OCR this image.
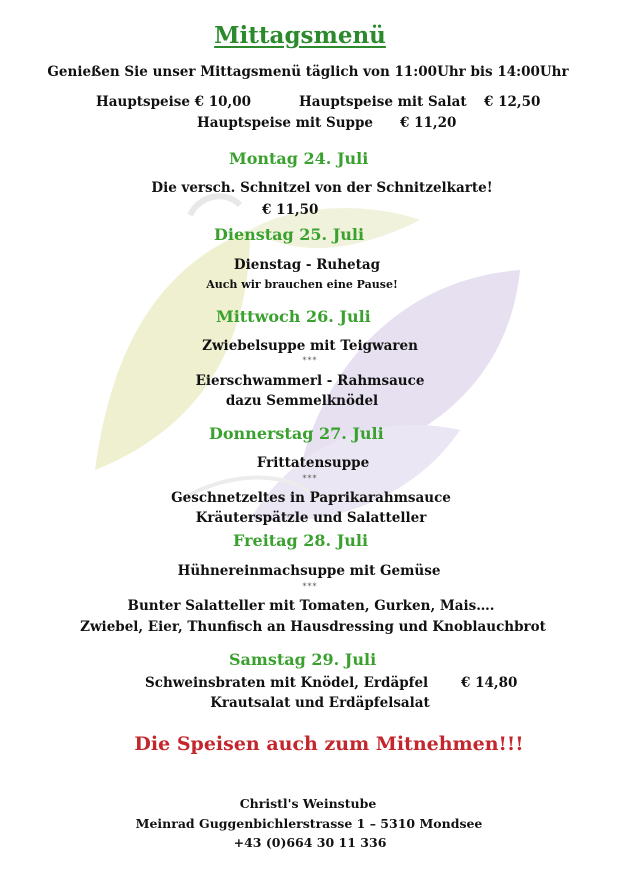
Mittagsmenü
Genießen Sie unser Mittagsmenü täglich von 11:00Uhr bis 14:00Uhr
Hauptspeise € 10,00	Hauptspeise mit Salat € 12,50
Hauptspeise mit Suppe € 11,20
Montag 24. Juli
Die versch. Schnitzel von der Schnitzelkarte!
€ 11,50
Dienstag 25. Juli
Dienstag - Ruhetag
Auch wir brauchen eine Pause!
Mittwoch 26. Juli
Zwiebelsuppe mit Teigwaren
***
Eierschwammerl - Rahmsauce
dazu Semmelknödel
Donnerstag 27. Juli
Frittatensuppe
***
Geschnetzeltes in Paprikarahmsauce
Kräuterspätzle und Salatteller
Freitag 28. Juli
Hühnereinmachsuppe mit Gemüse
***
Bunter Salatteller mit Tomaten, Gurken, Mais….
Zwiebel, Eier, Thunfisch an Hausdressing und Knoblauchbrot
Samstag 29. Juli
Schweinsbraten mit Knödel, Erdäpfel € 14,80
Krautsalat und Erdäpfelsalat
Die Speisen auch zum Mitnehmen!!!
Christl's Weinstube
Meinrad Guggenbichlerstrasse 1 – 5310 Mondsee
+43 (0)664 30 11 336
